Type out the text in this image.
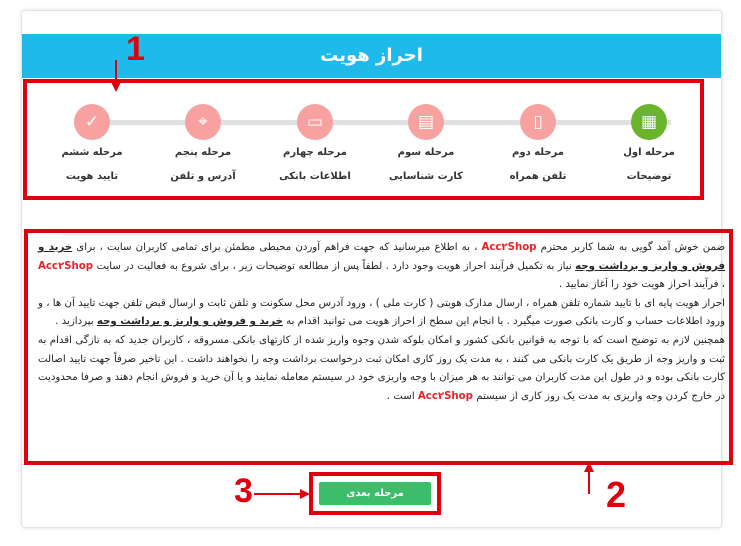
احراز هویت
▦
مرحله اول
توضیحات
▯
مرحله دوم
تلفن همراه
▤
مرحله سوم
کارت شناسایی
▭
مرحله چهارم
اطلاعات بانکی
⌖
مرحله پنجم
آدرس و تلفن
✓
مرحله ششم
تایید هویت

ضمن خوش آمد گویی به شما کاربر محترم Acc۲Shop ، به اطلاع میرسانید که جهت فراهم آوردن محیطی مطمئن برای تمامی کاربران سایت ، برای خرید و فروش و واریز و برداشت وجه نیاز به تکمیل فرآیند احراز هویت وجود دارد . لطفاً پس از مطالعه توضیحات زیر ، برای شروع به فعالیت در سایت Acc۲Shop ، فرآیند احراز هویت خود را آغاز نمایید .

احراز هویت پایه ای با تایید شماره تلفن همراه ، ارسال مدارک هویتی ( کارت ملی ) ، ورود آدرس محل سکونت و تلفن ثابت و ارسال قبض تلفن جهت تایید آن ها ، و ورود اطلاعات حساب و کارت بانکی صورت میگیرد . با انجام این سطح از احراز هویت می توانید اقدام به خرید و فروش و واریز و برداشت وجه بپردازید .

همچنین لازم به توضیح است که با توجه به قوانین بانکی کشور و امکان بلوکه شدن وجوه واریز شده از کارتهای بانکی مسروقه ، کاربران جدید که به تازگی اقدام به ثبت و واریز وجه از طریق یک کارت بانکی می کنند ، به مدت یک روز کاری امکان ثبت درخواست برداشت وجه را نخواهند داشت . این تاخیر صرفاً جهت تایید اصالت کارت بانکی بوده و در طول این مدت کاربران می توانند به هر میزان با وجه واریزی خود در سیستم معامله نمایند و یا آن خرید و فروش انجام دهند و صرفا محدودیت در خارج کردن وجه واریزی به مدت یک روز کاری از سیستم Acc۲Shop است .

مرحله بعدی
1
2
3
